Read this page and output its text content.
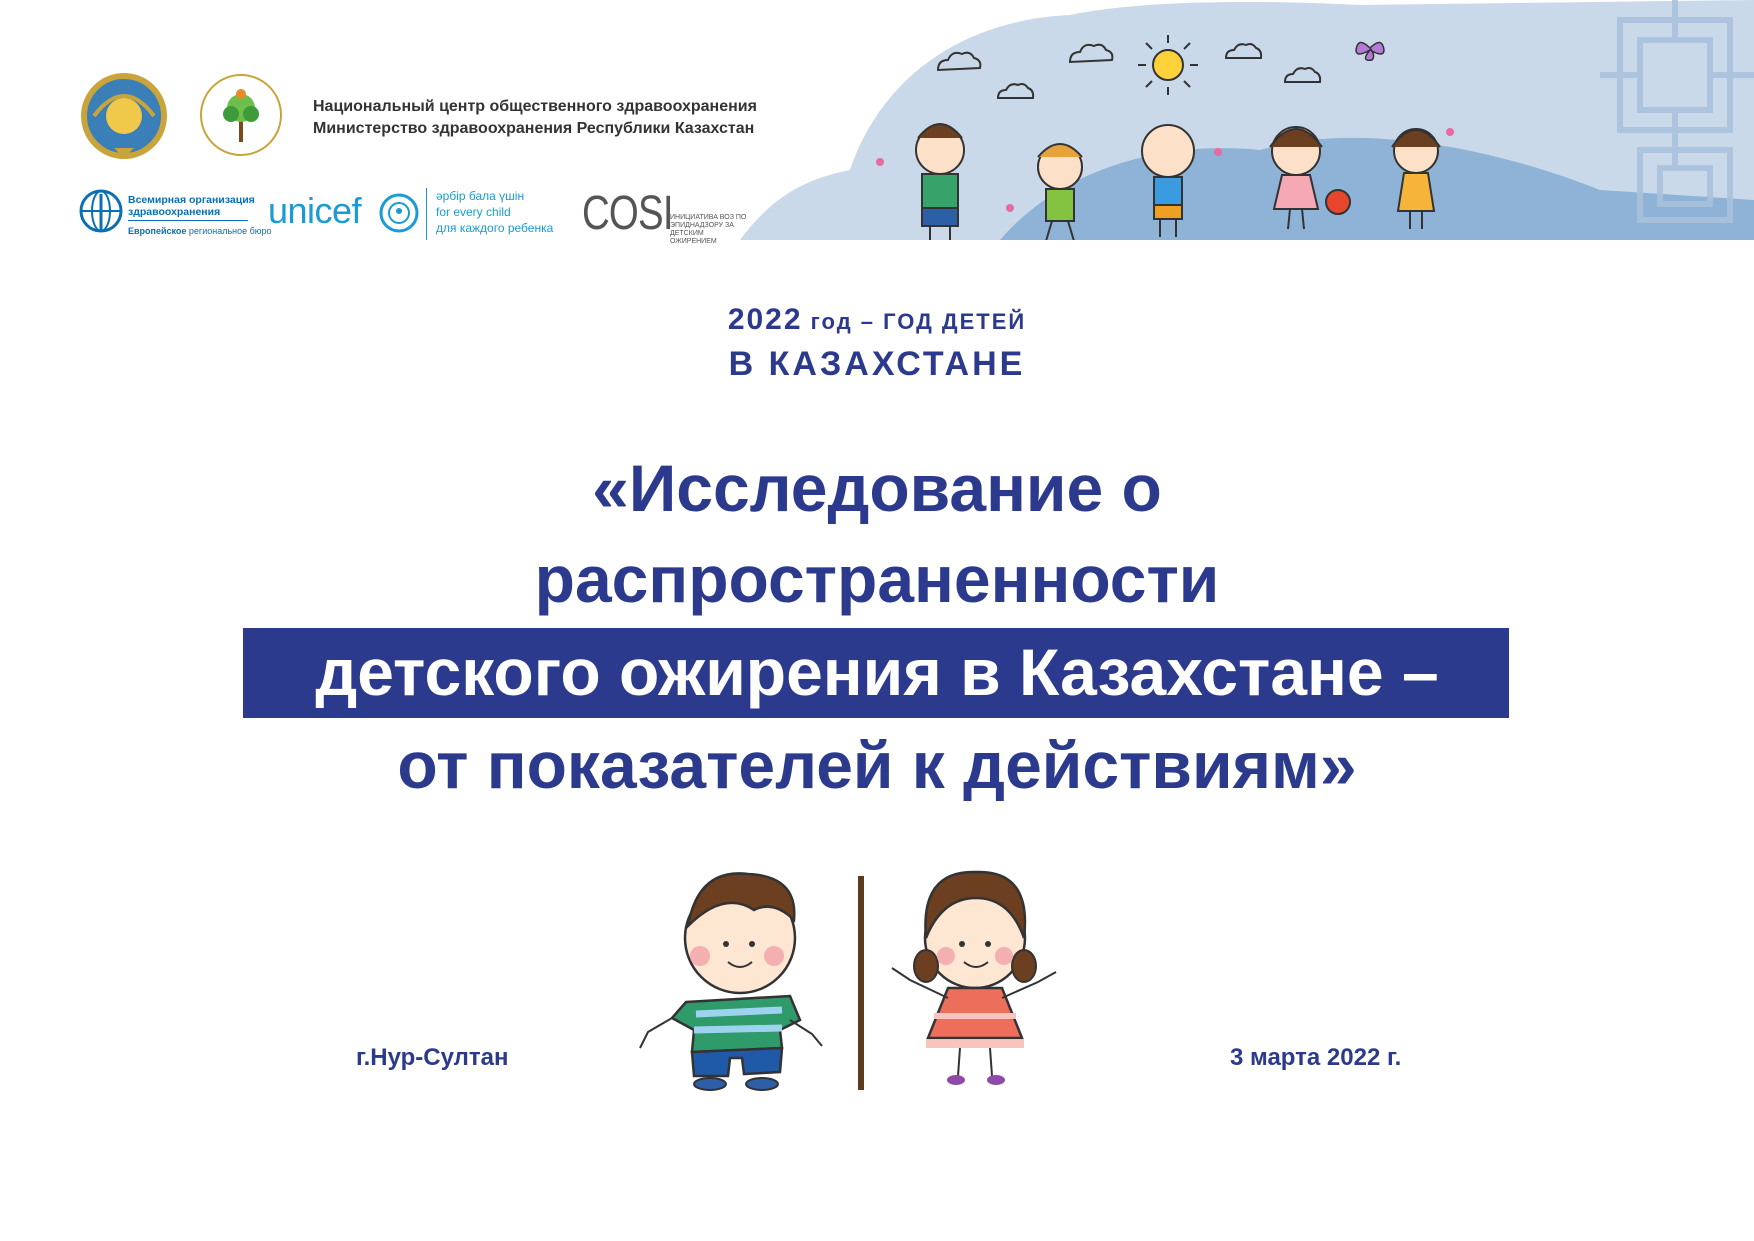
Национальный центр общественного здравоохранения
Министерство здравоохранения Республики Казахстан
Всемирная организация
здравоохранения
Европейское региональное бюро
unicef	әрбір бала үшін
for every child
для каждого ребенка COSI
ИНИЦИАТИВА ВОЗ ПО ЭПИДНАДЗОРУ ЗА ДЕТСКИМ ОЖИРЕНИЕМ
2022 год – ГОД ДЕТЕЙ
В КАЗАХСТАНЕ
«Исследование о
распространенности
детского ожирения в Казахстане –
от показателей к действиям»
г.Нур-Султан	3 марта 2022 г.
